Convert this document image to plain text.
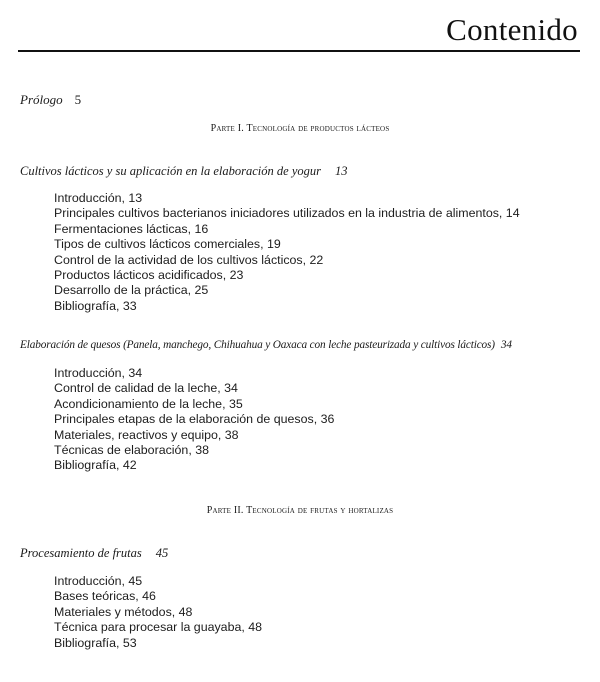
Contenido
Prólogo 5
Parte I. Tecnología de productos lácteos
Cultivos lácticos y su aplicación en la elaboración de yogur 13
Introducción, 13
Principales cultivos bacterianos iniciadores utilizados en la industria de alimentos, 14
Fermentaciones lácticas, 16
Tipos de cultivos lácticos comerciales, 19
Control de la actividad de los cultivos lácticos, 22
Productos lácticos acidificados, 23
Desarrollo de la práctica, 25
Bibliografía, 33
Elaboración de quesos (Panela, manchego, Chihuahua y Oaxaca con leche pasteurizada y cultivos lácticos) 34
Introducción, 34
Control de calidad de la leche, 34
Acondicionamiento de la leche, 35
Principales etapas de la elaboración de quesos, 36
Materiales, reactivos y equipo, 38
Técnicas de elaboración, 38
Bibliografía, 42
Parte II. Tecnología de frutas y hortalizas
Procesamiento de frutas 45
Introducción, 45
Bases teóricas, 46
Materiales y métodos, 48
Técnica para procesar la guayaba, 48
Bibliografía, 53
